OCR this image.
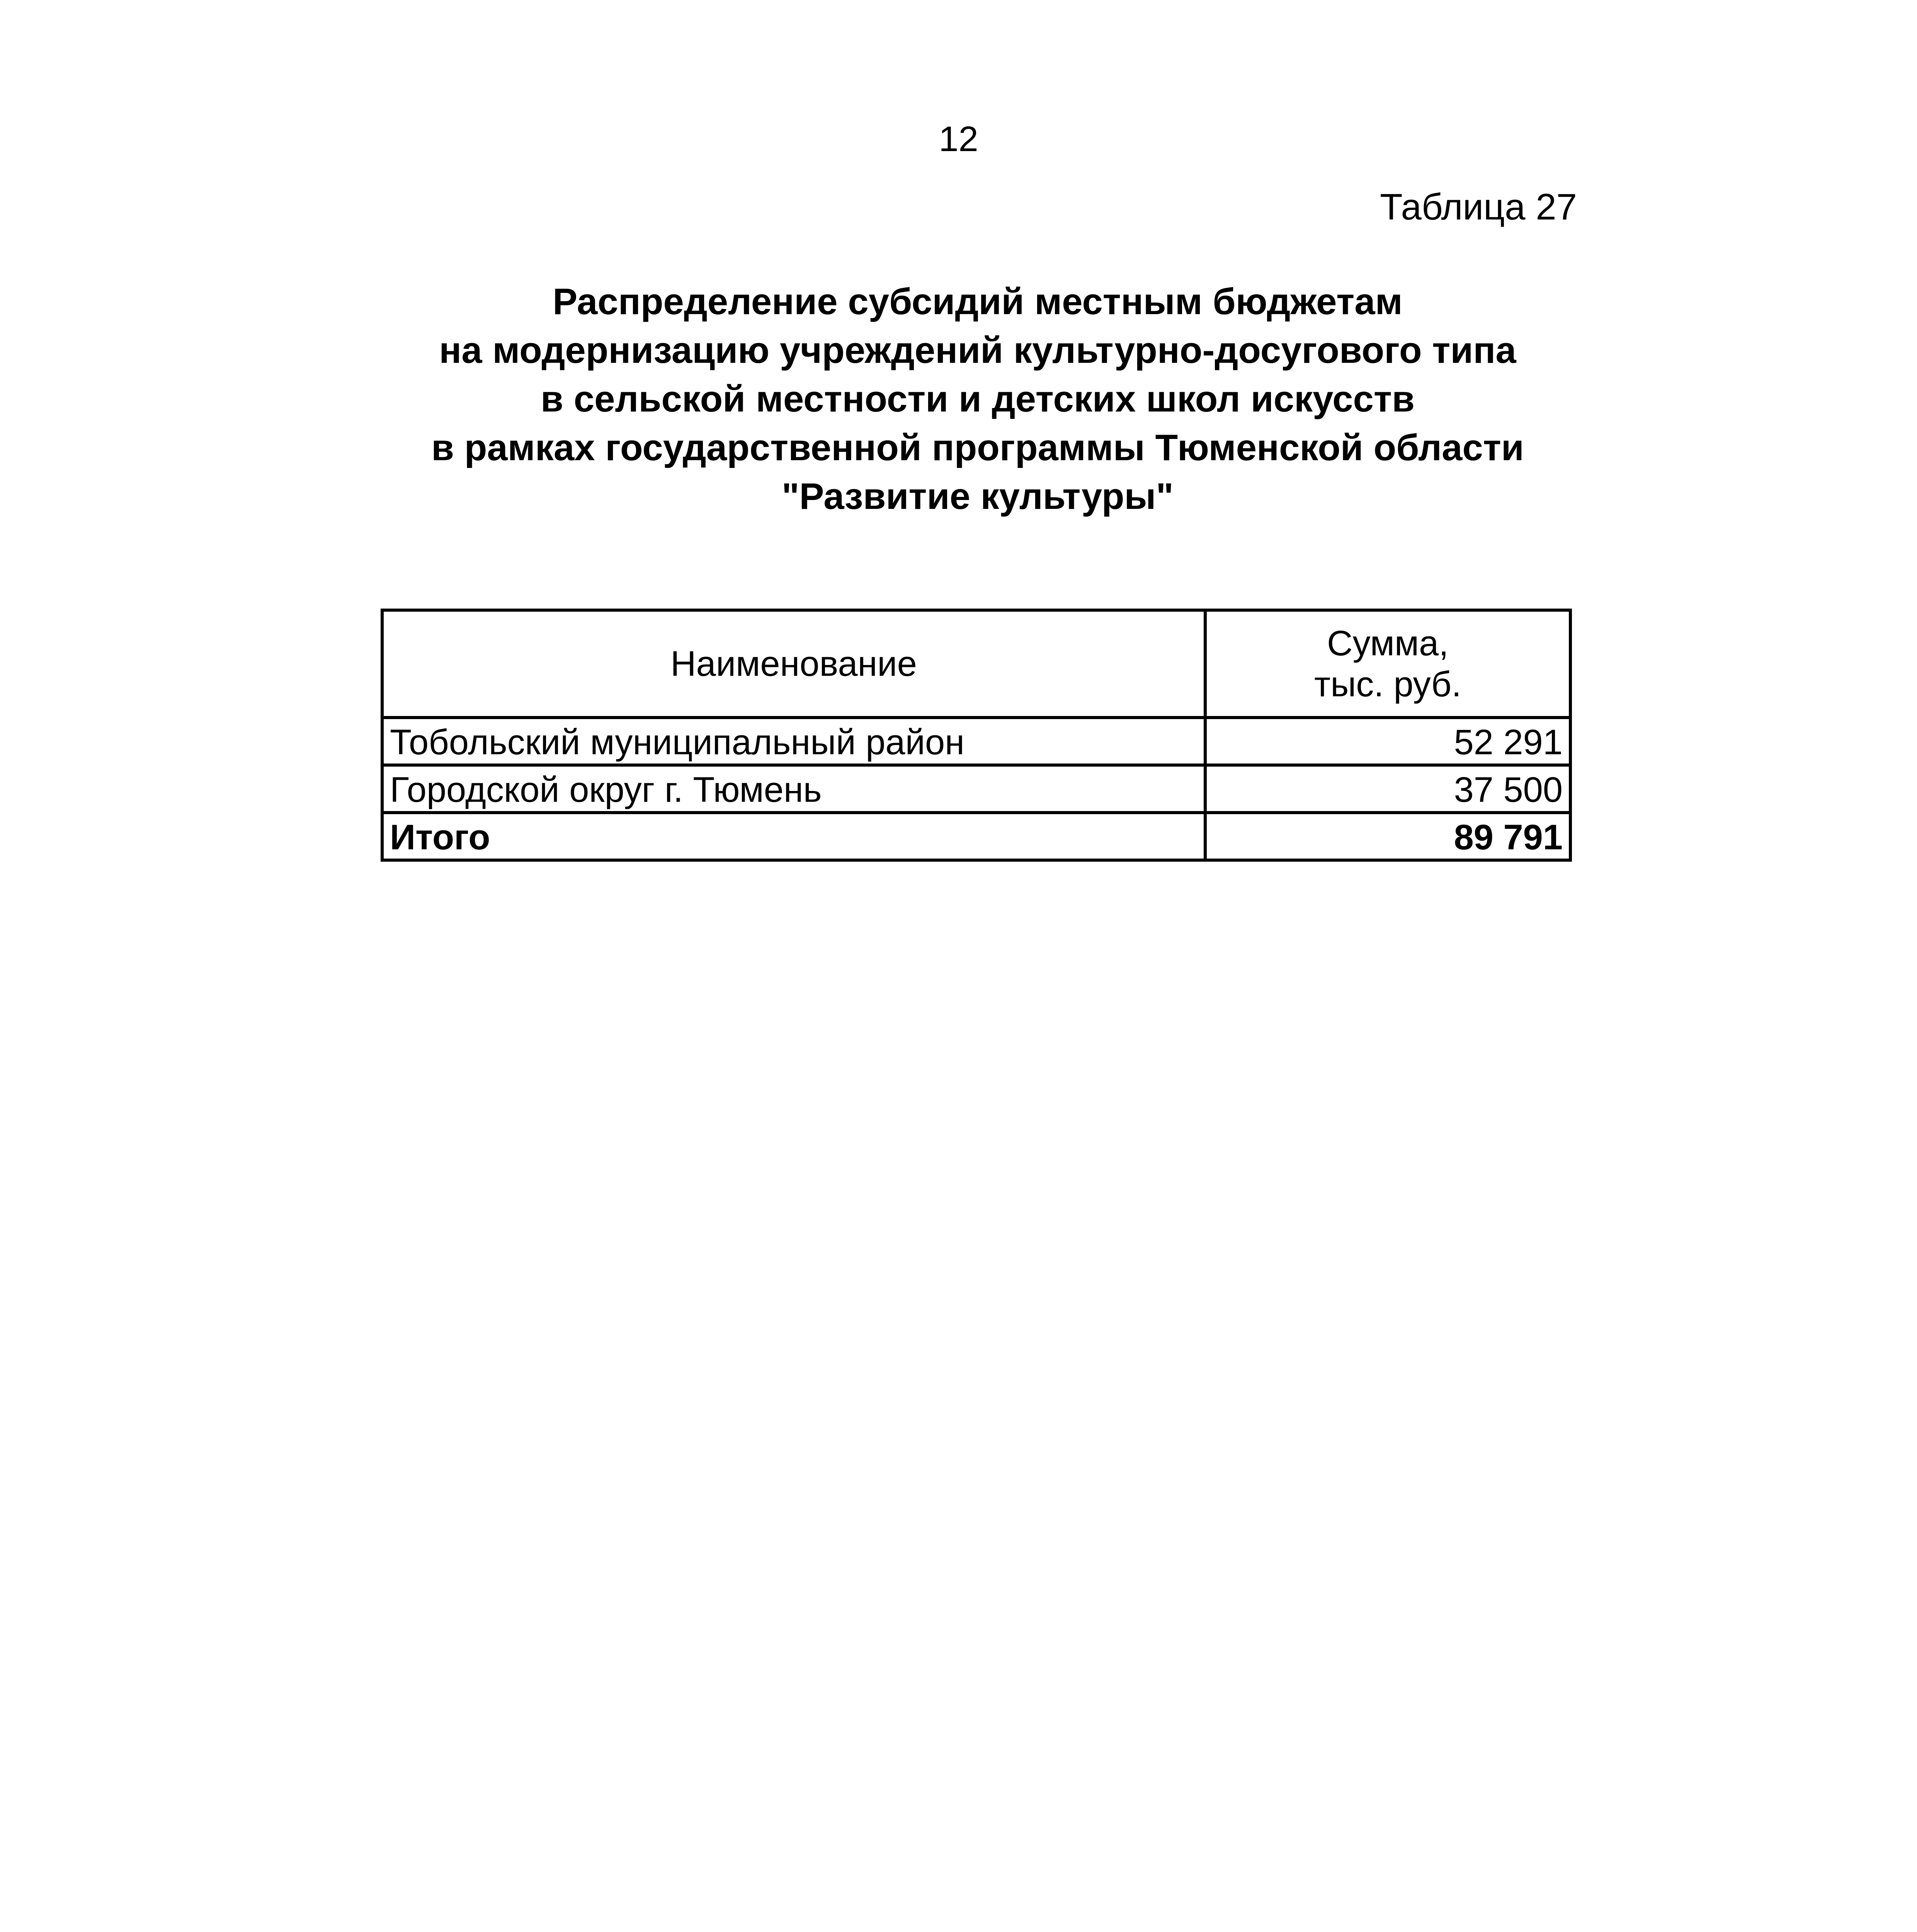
12
Таблица 27
Распределение субсидий местным бюджетам
на модернизацию учреждений культурно-досугового типа
в сельской местности и детских школ искусств
в рамках государственной программы Тюменской области
"Развитие культуры"
Наименование	Сумма,
тыс. руб.

Тобольский муниципальный район	52 291
Городской округ г. Тюмень	37 500
Итого	89 791
